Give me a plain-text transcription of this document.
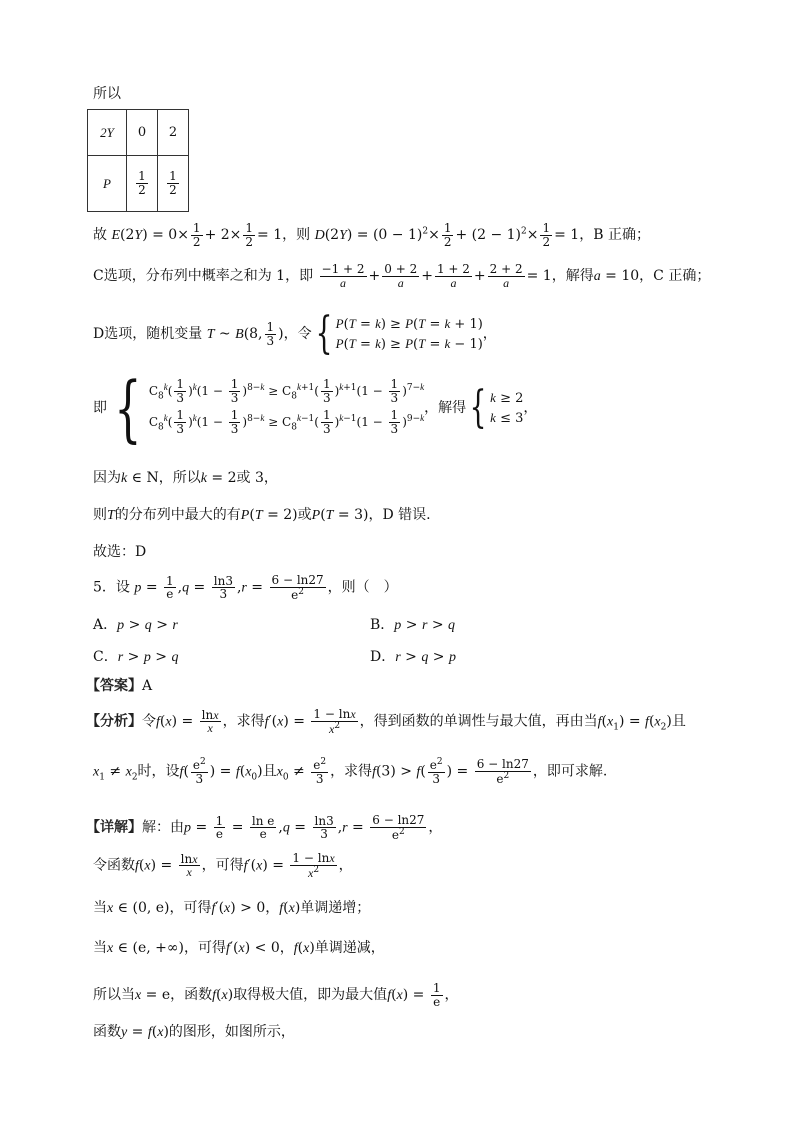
所以
2Y	0	2
P	$\frac{1}{2}$	$\frac{1}{2}$
故 $E(2Y) = 0\times \frac{1}{2} + 2\times \frac{1}{2} = 1$，则 $D(2Y) = (0 - 1)^2\times \frac{1}{2} + (2 - 1)^2\times \frac{1}{2} = 1$，B 正确；
C选项，分布列中概率之和为 1，即 $\frac{-1 + 2}{a} + \frac{0 + 2}{a} + \frac{1 + 2}{a} + \frac{2 + 2}{a} = 1$，解得a = 10，C 正确；
D选项，随机变量 T ~ B(8, $\frac{1}{3}$ )，令{ P(T = k) ≥ P(T = k + 1)
P(T = k) ≥ P(T = k − 1)
，
即{ $C_8^k( \frac{1}{3} )^k(1 - \frac{1}{3} )^{8-k} \ge C_8^{k+1}( \frac{1}{3} )^{k+1}(1 - \frac{1}{3} )^{7-k}$
$C_8^k( \frac{1}{3} )^k(1 - \frac{1}{3} )^{8-k} \ge C_8^{k-1}( \frac{1}{3} )^{k-1}(1 - \frac{1}{3} )^{9-k}$
，解得{ k ≥ 2
k ≤ 3
，
因为k ∈ N，所以k = 2或 3，
则T的分布列中最大的有P(T = 2)或P(T = 3)，D 错误.
故选：D
5．设 $p = \frac{1}{e} ,q = \frac{\ln 3}{3} ,r = \frac{6 - \ln 27}{e^2}$ ，则（　）
A．p > q > r	B．p > r > q
C．r > p > q	D．r > q > p
【答案】A
【分析】令$f(x) = \frac{\ln x}{x}$ ，求得$f'(x) = \frac{1 - \ln x}{x^2}$ ，得到函数的单调性与最大值，再由当$f(x_1) = f(x_2)$且
$x_1 \ne x_2$时，设$f( \frac{e^2}{3}$ ) = $f(x_0)$且$x_0 \ne \frac{e^2}{3}$ ，求得$f(3) > f( \frac{e^2}{3}$ ) = $\frac{6 - \ln 27}{e^2}$ ，即可求解.
【详解】解：由$p = \frac{1}{e} = \frac{\text{ln e}}{e} ,q = \frac{\ln 3}{3} ,r = \frac{6 - \ln 27}{e^2}$ ，
令函数$f(x) = \frac{\ln x}{x}$ ，可得$f'(x) = \frac{1 - \ln x}{x^2}$ ，
当x ∈ (0, e)，可得f′(x) > 0，f(x)单调递增；
当x ∈ (e, +∞)，可得f′(x) < 0，f(x)单调递减，
所以当x = e，函数f(x)取得极大值，即为最大值$f(x) = \frac{1}{e}$ ，
函数y = f(x)的图形，如图所示，
